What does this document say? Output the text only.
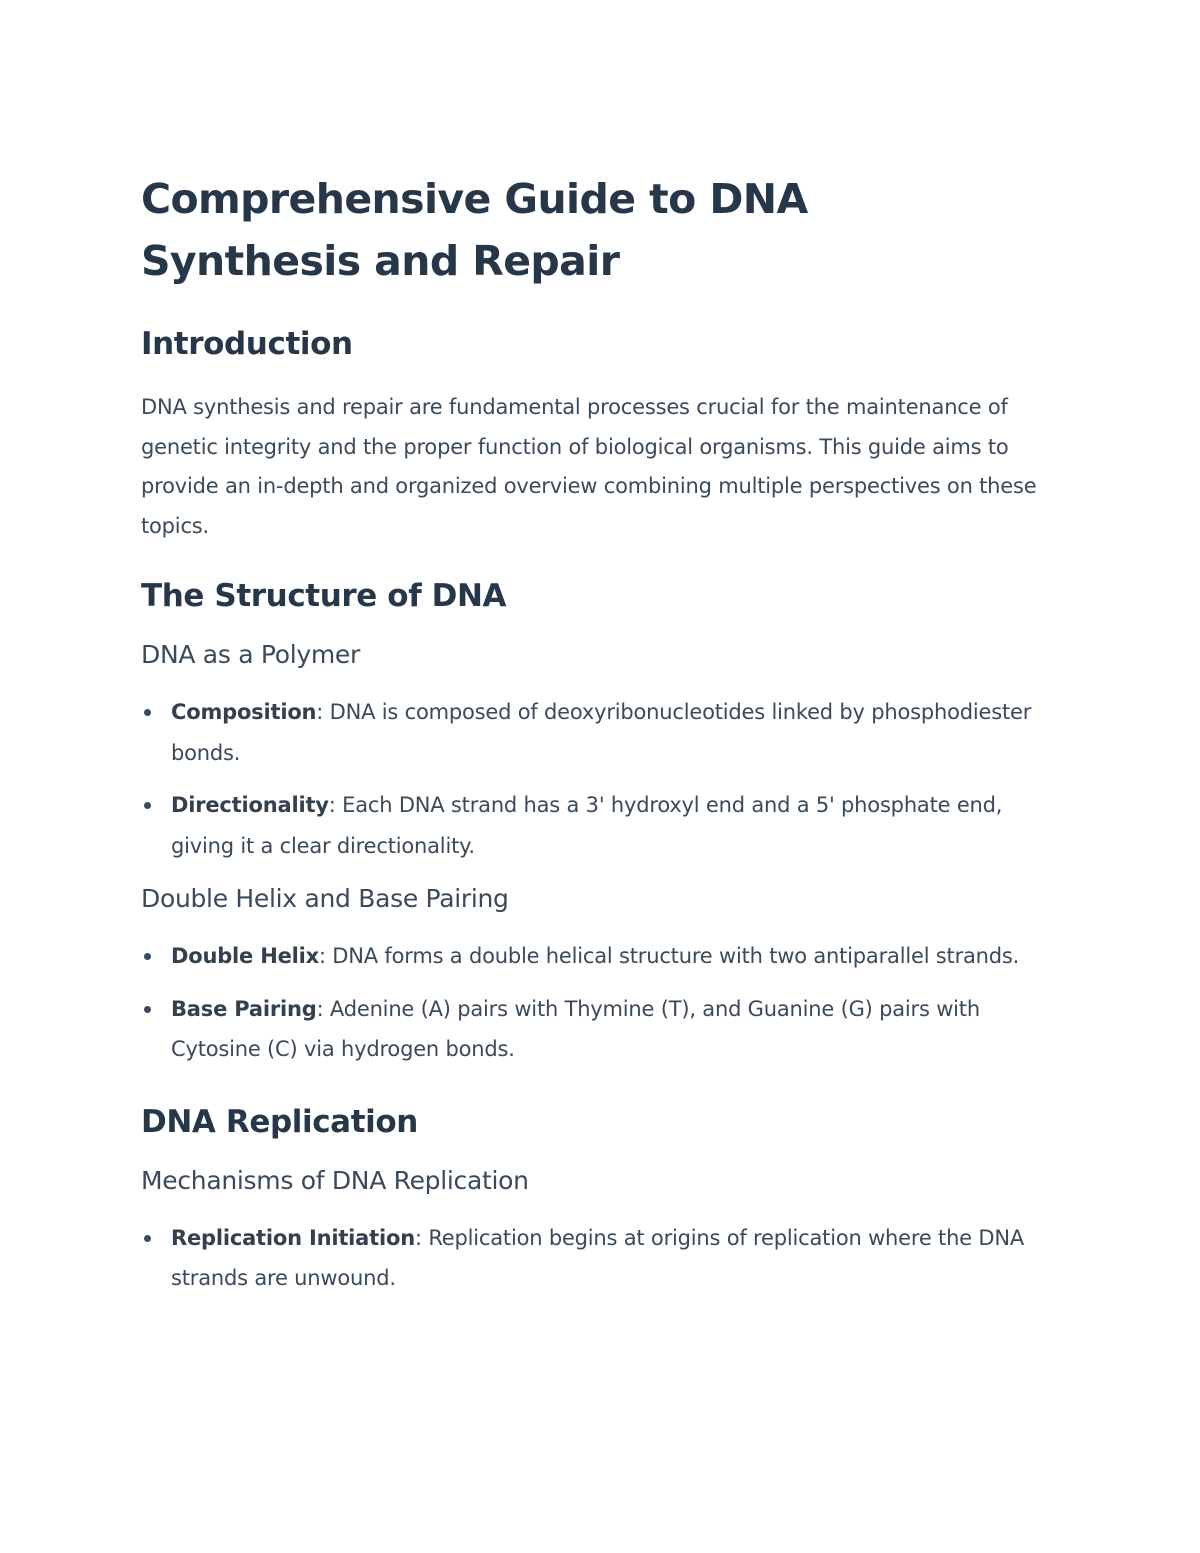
Comprehensive Guide to DNA Synthesis and Repair
Introduction

DNA synthesis and repair are fundamental processes crucial for the maintenance of genetic integrity and the proper function of biological organisms. This guide aims to provide an in-depth and organized overview combining multiple perspectives on these topics.

The Structure of DNA
DNA as a Polymer
Composition: DNA is composed of deoxyribonucleotides linked by phosphodiester bonds.
Directionality: Each DNA strand has a 3' hydroxyl end and a 5' phosphate end, giving it a clear directionality.
Double Helix and Base Pairing
Double Helix: DNA forms a double helical structure with two antiparallel strands.
Base Pairing: Adenine (A) pairs with Thymine (T), and Guanine (G) pairs with Cytosine (C) via hydrogen bonds.
DNA Replication
Mechanisms of DNA Replication
Replication Initiation: Replication begins at origins of replication where the DNA strands are unwound.
